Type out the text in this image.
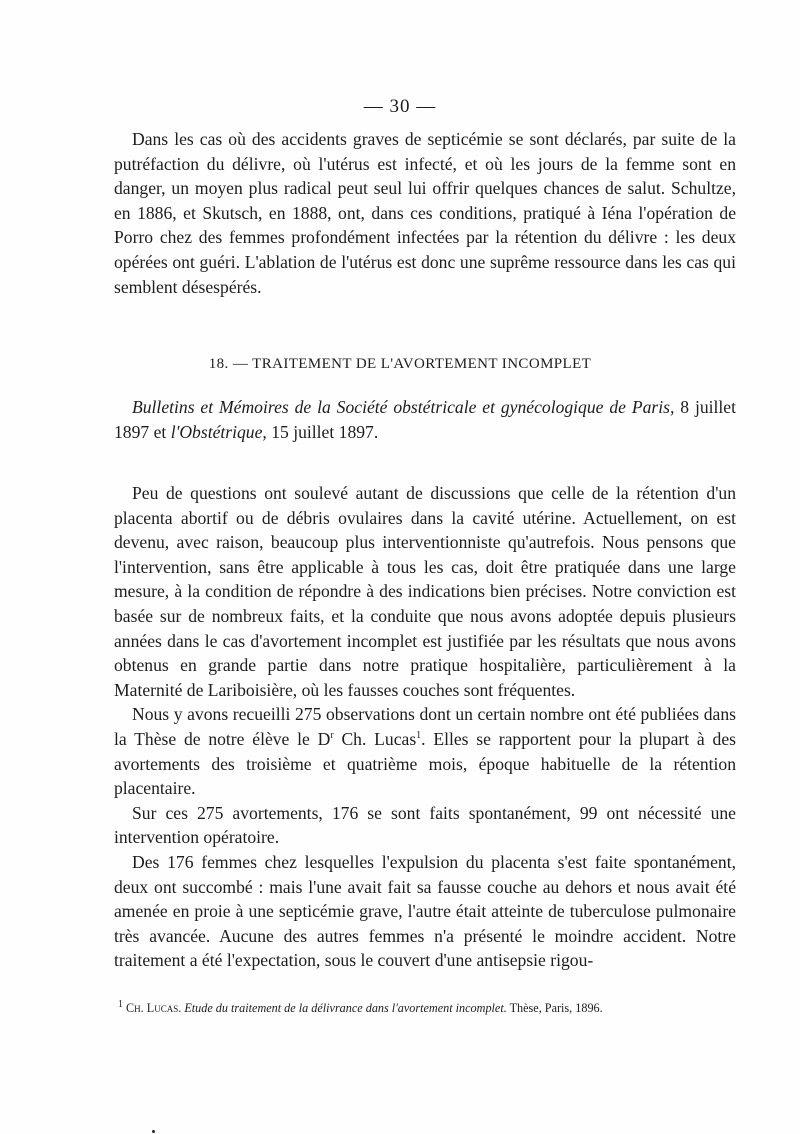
— 30 —

Dans les cas où des accidents graves de septicémie se sont déclarés, par suite de la putréfaction du délivre, où l'utérus est infecté, et où les jours de la femme sont en danger, un moyen plus radical peut seul lui offrir quelques chances de salut. Schultze, en 1886, et Skutsch, en 1888, ont, dans ces conditions, pratiqué à Iéna l'opération de Porro chez des femmes profondément infectées par la rétention du délivre : les deux opérées ont guéri. L'ablation de l'utérus est donc une suprême ressource dans les cas qui semblent désespérés.

18. — TRAITEMENT DE L'AVORTEMENT INCOMPLET
Bulletins et Mémoires de la Société obstétricale et gynécologique de Paris, 8 juillet 1897 et l'Obstétrique, 15 juillet 1897.

Peu de questions ont soulevé autant de discussions que celle de la rétention d'un placenta abortif ou de débris ovulaires dans la cavité utérine. Actuellement, on est devenu, avec raison, beaucoup plus interventionniste qu'autrefois. Nous pensons que l'intervention, sans être applicable à tous les cas, doit être pratiquée dans une large mesure, à la condition de répondre à des indications bien précises. Notre conviction est basée sur de nombreux faits, et la conduite que nous avons adoptée depuis plusieurs années dans le cas d'avortement incomplet est justifiée par les résultats que nous avons obtenus en grande partie dans notre pratique hospitalière, particulièrement à la Maternité de Lariboisière, où les fausses couches sont fréquentes.

Nous y avons recueilli 275 observations dont un certain nombre ont été publiées dans la Thèse de notre élève le $D^r$ Ch. Lucas$^1$. Elles se rapportent pour la plupart à des avortements des troisième et quatrième mois, époque habituelle de la rétention placentaire.

Sur ces 275 avortements, 176 se sont faits spontanément, 99 ont nécessité une intervention opératoire.

Des 176 femmes chez lesquelles l'expulsion du placenta s'est faite spontanément, deux ont succombé : mais l'une avait fait sa fausse couche au dehors et nous avait été amenée en proie à une septicémie grave, l'autre était atteinte de tuberculose pulmonaire très avancée. Aucune des autres femmes n'a présenté le moindre accident. Notre traitement a été l'expectation, sous le couvert d'une antisepsie rigou-

$^1$ Ch. Lucas. Etude du traitement de la délivrance dans l'avortement incomplet. Thèse, Paris, 1896.
